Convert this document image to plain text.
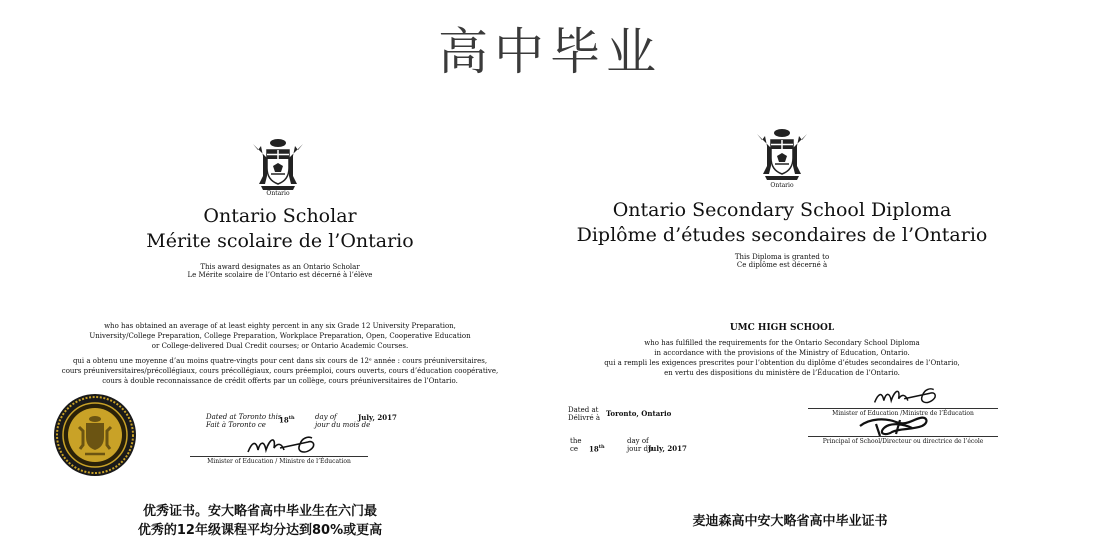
高中毕业
Ontario
Ontario Scholar
Mérite scolaire de l’Ontario
This award designates as an Ontario Scholar
Le Mérite scolaire de l’Ontario est décerné à l’élève
who has obtained an average of at least eighty percent in any six Grade 12 University Preparation,
University/College Preparation, College Preparation, Workplace Preparation, Open, Cooperative Education
or College-delivered Dual Credit courses; or Ontario Academic Courses.
qui a obtenu une moyenne d’au moins quatre-vingts pour cent dans six cours de 12ᵉ année : cours préuniversitaires,
cours préuniversitaires/précollégiaux, cours précollégiaux, cours préemploi, cours ouverts, cours d’éducation coopérative,
cours à double reconnaissance de crédit offerts par un collège, cours préuniversitaires de l’Ontario.
Dated at Toronto this
Fait à Toronto ce
18th	day of
jour du mois de
July, 2017
Minister of Education / Ministre de l’Éducation
优秀证书。安大略省高中毕业生在六门最
优秀的12年级课程平均分达到80%或更高
Ontario
Ontario Secondary School Diploma
Diplôme d’études secondaires de l’Ontario
This Diploma is granted to
Ce diplôme est décerné à
UMC HIGH SCHOOL
who has fulfilled the requirements for the Ontario Secondary School Diploma
in accordance with the provisions of the Ministry of Education, Ontario.
qui a rempli les exigences prescrites pour l’obtention du diplôme d’études secondaires de l’Ontario,
en vertu des dispositions du ministère de l’Éducation de l’Ontario.
Dated at
Délivré à Toronto, Ontario
the
ce 18th
day of
jour du
July, 2017
Minister of Education /Ministre de l’Éducation
Principal of School/Directeur ou directrice de l’école
麦迪森高中安大略省高中毕业证书
